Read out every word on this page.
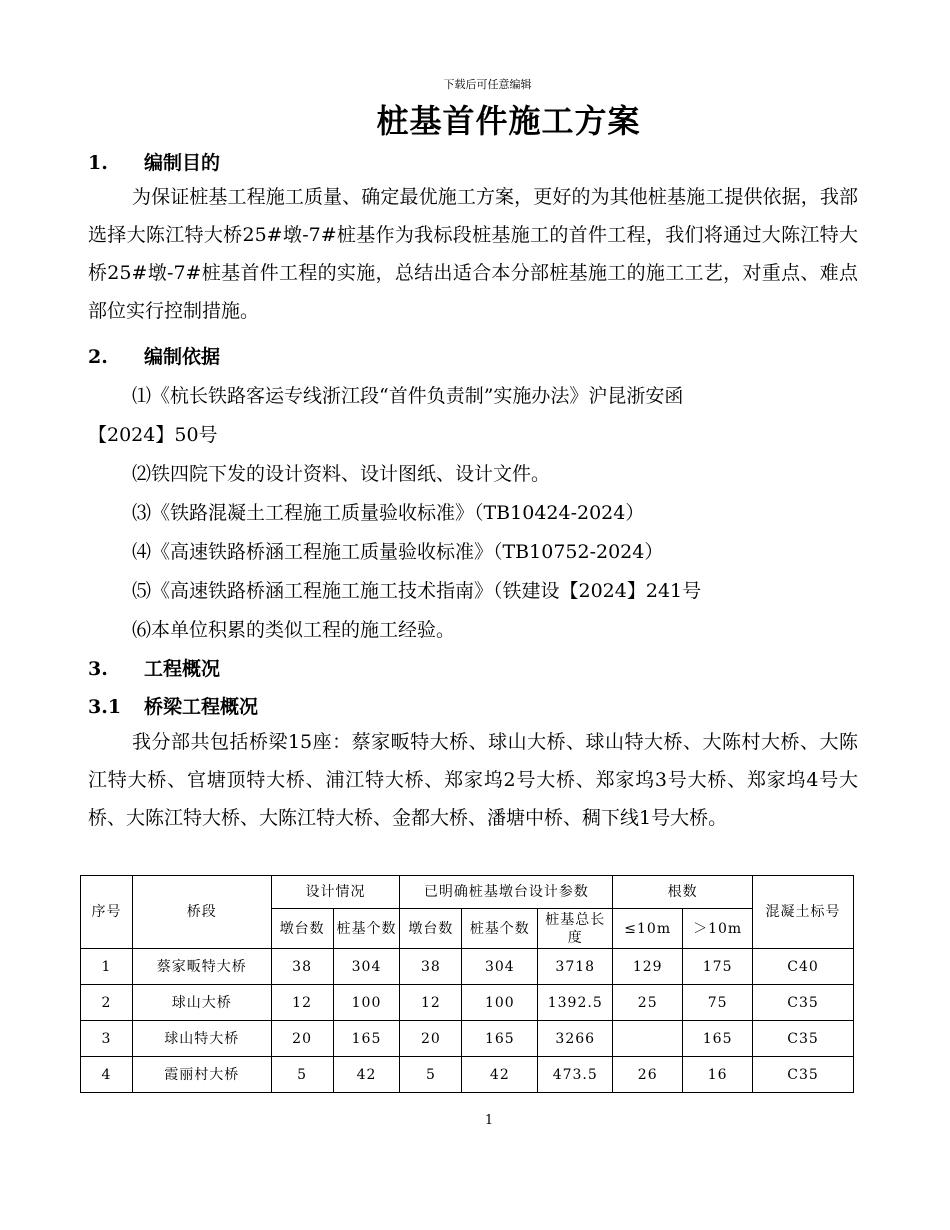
下载后可任意编辑
桩基首件施工方案
1. 编制目的

为保证桩基工程施工质量、确定最优施工方案，更好的为其他桩基施工提供依据，我部选择大陈江特大桥25#墩-7#桩基作为我标段桩基施工的首件工程，我们将通过大陈江特大桥25#墩-7#桩基首件工程的实施，总结出适合本分部桩基施工的施工工艺，对重点、难点部位实行控制措施。

2. 编制依据
⑴《杭长铁路客运专线浙江段“首件负责制”实施办法》沪昆浙安函
【2024】50号
⑵铁四院下发的设计资料、设计图纸、设计文件。
⑶《铁路混凝土工程施工质量验收标准》（TB10424-2024）
⑷《高速铁路桥涵工程施工质量验收标准》（TB10752-2024）
⑸《高速铁路桥涵工程施工施工技术指南》（铁建设【2024】241号
⑹本单位积累的类似工程的施工经验。
3. 工程概况
3.1 桥梁工程概况

我分部共包括桥梁15座：蔡家畈特大桥、球山大桥、球山特大桥、大陈村大桥、大陈江特大桥、官塘顶特大桥、浦江特大桥、郑家坞2号大桥、郑家坞3号大桥、郑家坞4号大桥、大陈江特大桥、大陈江特大桥、金都大桥、潘塘中桥、稠下线1号大桥。

序号	桥段	设计情况		已明确桩基墩台设计参数			根数		混凝土标号
		墩台数	桩基个数	墩台数	桩基个数	桩基总长度	≤10m	＞10m	
1	蔡家畈特大桥	38	304	38	304	3718	129	175	C40
2	球山大桥	12	100	12	100	1392.5	25	75	C35
3	球山特大桥	20	165	20	165	3266		165	C35
4	霞丽村大桥	5	42	5	42	473.5	26	16	C35
1
